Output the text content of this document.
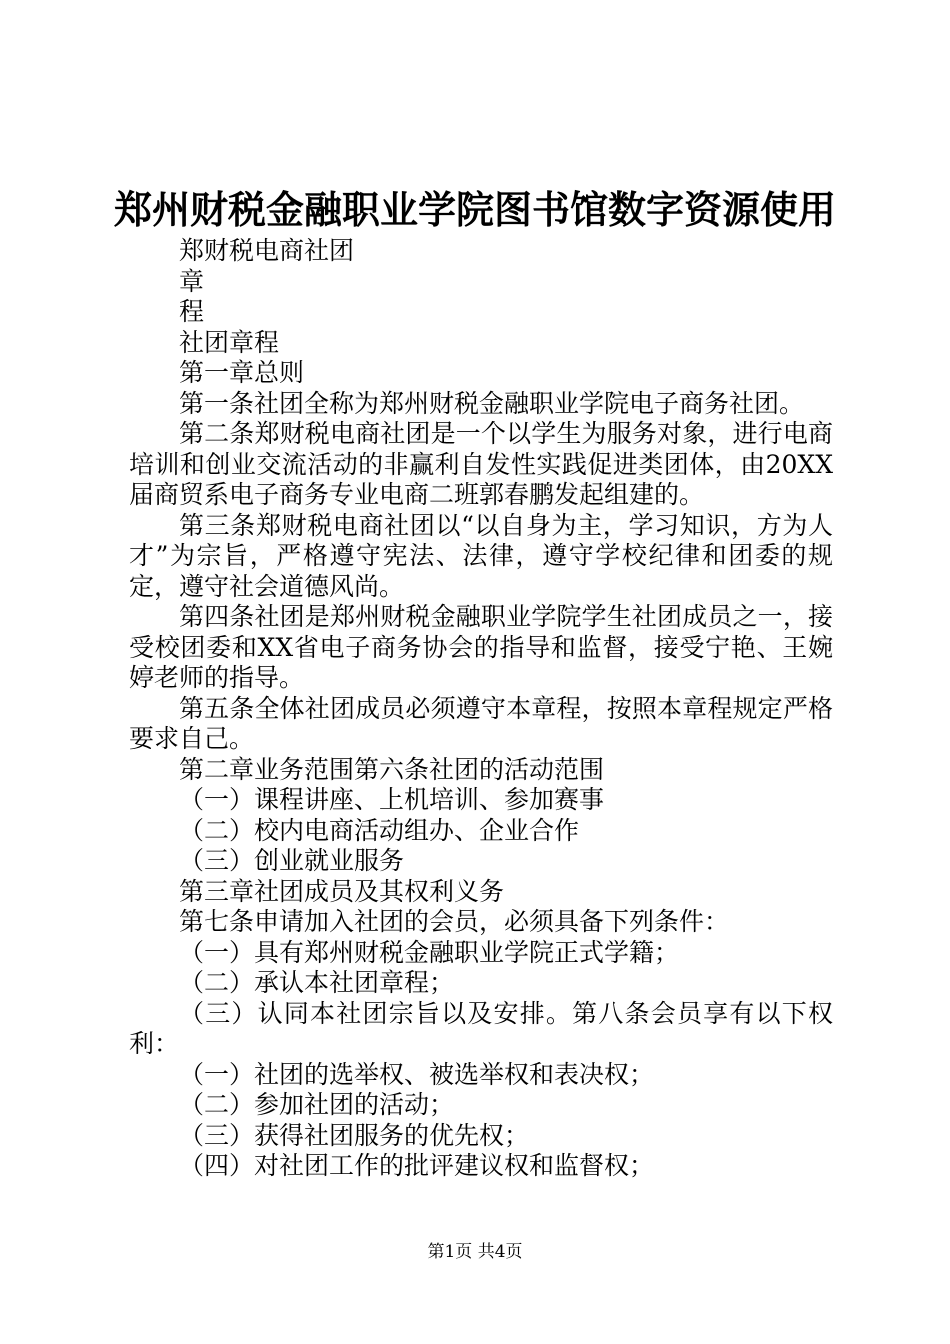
郑州财税金融职业学院图书馆数字资源使用
郑财税电商社团
章
程
社团章程
第一章总则
第一条社团全称为郑州财税金融职业学院电子商务社团。
第二条郑财税电商社团是一个以学生为服务对象，进行电商培训和创业交流活动的非赢利自发性实践促进类团体，由20XX届商贸系电子商务专业电商二班郭春鹏发起组建的。
第三条郑财税电商社团以“以自身为主，学习知识，方为人才”为宗旨，严格遵守宪法、法律，遵守学校纪律和团委的规定，遵守社会道德风尚。
第四条社团是郑州财税金融职业学院学生社团成员之一，接受校团委和XX省电子商务协会的指导和监督，接受宁艳、王婉婷老师的指导。
第五条全体社团成员必须遵守本章程，按照本章程规定严格要求自己。
第二章业务范围第六条社团的活动范围
（一）课程讲座、上机培训、参加赛事
（二）校内电商活动组办、企业合作
（三）创业就业服务
第三章社团成员及其权利义务
第七条申请加入社团的会员，必须具备下列条件：
（一）具有郑州财税金融职业学院正式学籍；
（二）承认本社团章程；
（三）认同本社团宗旨以及安排。第八条会员享有以下权利：
（一）社团的选举权、被选举权和表决权；
（二）参加社团的活动；
（三）获得社团服务的优先权；
（四）对社团工作的批评建议权和监督权；
第1页 共4页
